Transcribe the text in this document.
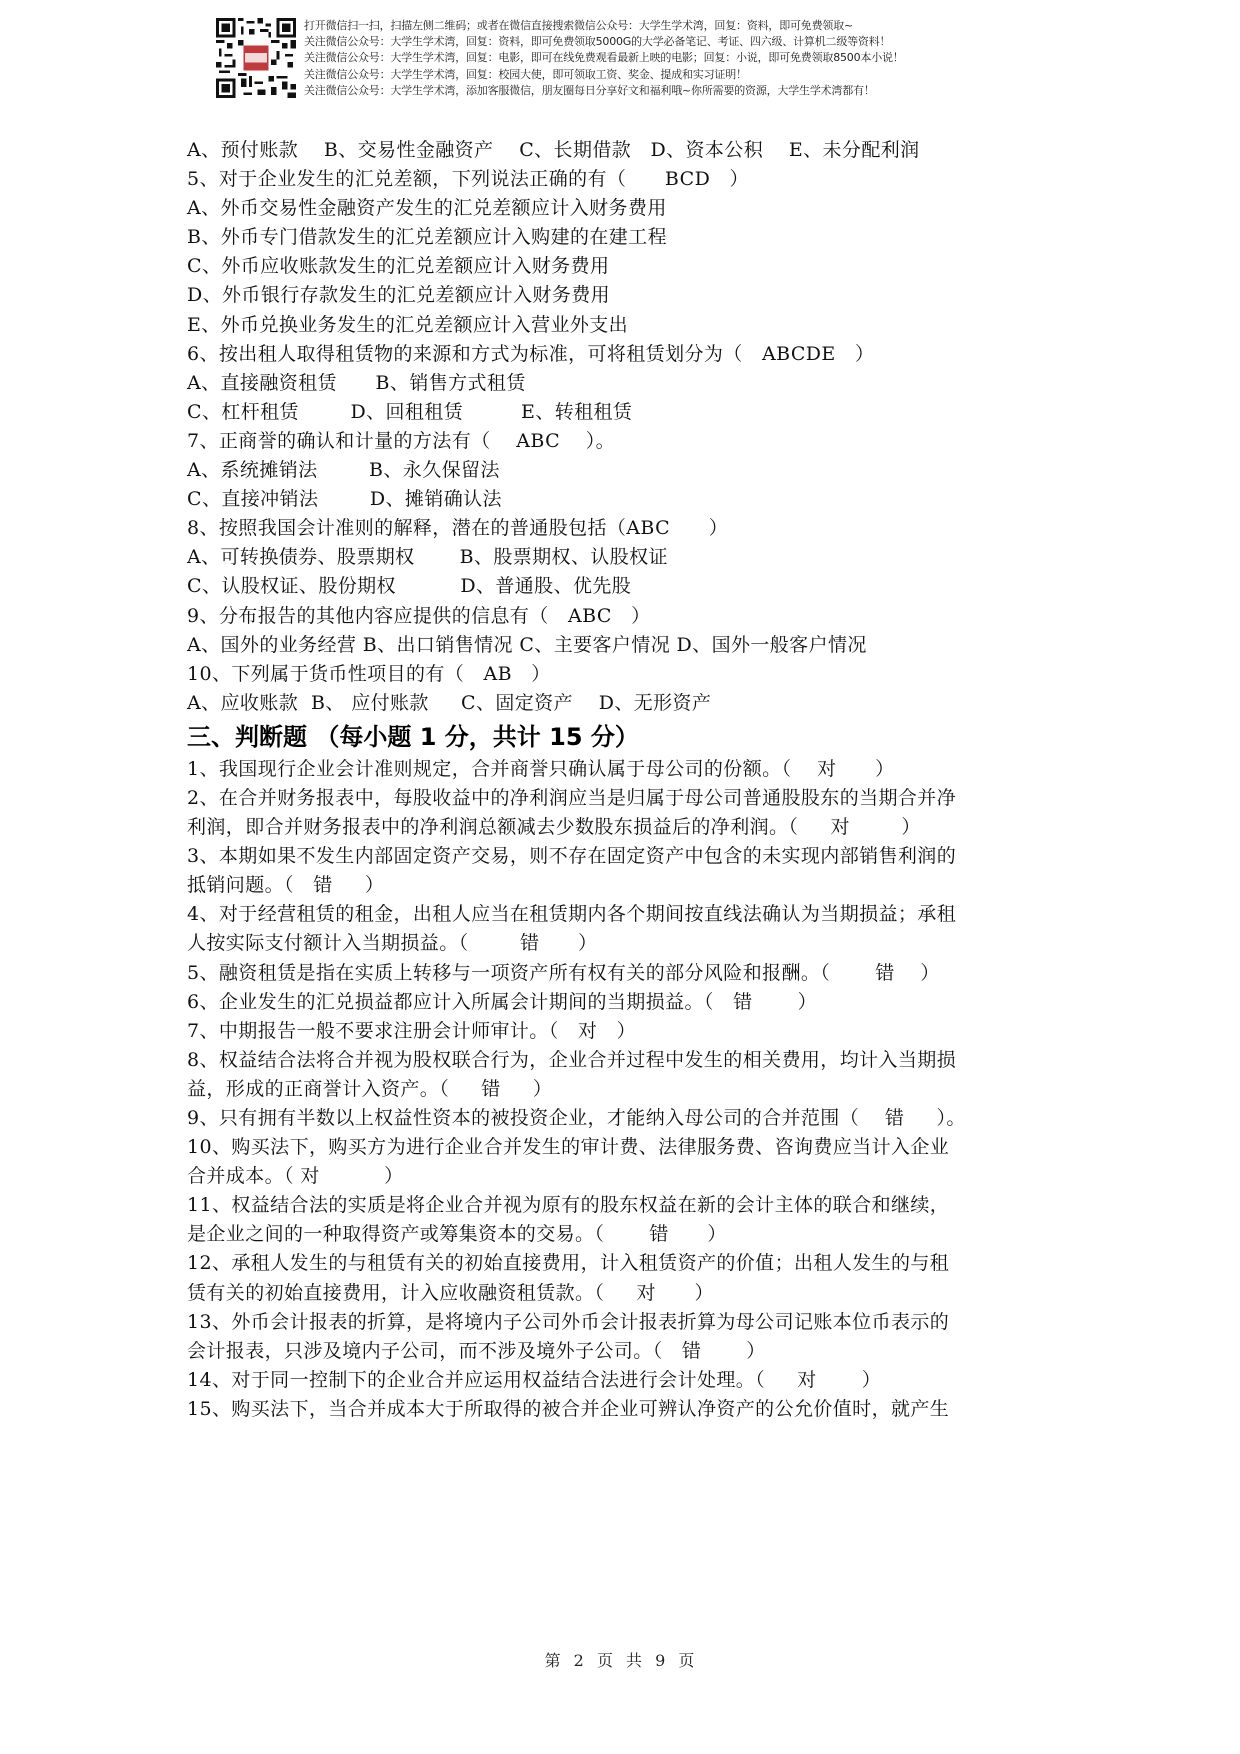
打开微信扫一扫，扫描左侧二维码；或者在微信直接搜索微信公众号：大学生学术湾，回复：资料，即可免费领取~
关注微信公众号：大学生学术湾，回复：资料，即可免费领取5000G的大学必备笔记、考证、四六级、计算机二级等资料！
关注微信公众号：大学生学术湾，回复：电影，即可在线免费观看最新上映的电影；回复：小说，即可免费领取8500本小说！
关注微信公众号：大学生学术湾，回复：校园大使，即可领取工资、奖金、提成和实习证明！
关注微信公众号：大学生学术湾，添加客服微信，朋友圈每日分享好文和福利哦~你所需要的资源，大学生学术湾都有！
A、预付账款    B、交易性金融资产    C、长期借款   D、资本公积    E、未分配利润
5、对于企业发生的汇兑差额，下列说法正确的有（      BCD   ）
A、外币交易性金融资产发生的汇兑差额应计入财务费用
B、外币专门借款发生的汇兑差额应计入购建的在建工程
C、外币应收账款发生的汇兑差额应计入财务费用
D、外币银行存款发生的汇兑差额应计入财务费用
E、外币兑换业务发生的汇兑差额应计入营业外支出
6、按出租人取得租赁物的来源和方式为标准，可将租赁划分为（   ABCDE   ）
A、直接融资租赁      B、销售方式租赁
C、杠杆租赁        D、回租租赁         E、转租租赁
7、正商誉的确认和计量的方法有（    ABC    ）。
A、系统摊销法        B、永久保留法
C、直接冲销法        D、摊销确认法
8、按照我国会计准则的解释，潜在的普通股包括（ABC      ）
A、可转换债券、股票期权       B、股票期权、认股权证
C、认股权证、股份期权          D、普通股、优先股
9、分布报告的其他内容应提供的信息有（   ABC   ）
A、国外的业务经营 B、出口销售情况 C、主要客户情况 D、国外一般客户情况
10、下列属于货币性项目的有（   AB   ）
A、应收账款  B、 应付账款     C、固定资产    D、无形资产
三、判断题 （每小题 1 分，共计 15 分）
1、我国现行企业会计准则规定，合并商誉只确认属于母公司的份额。（    对      ）
2、在合并财务报表中，每股收益中的净利润应当是归属于母公司普通股股东的当期合并净
利润，即合并财务报表中的净利润总额减去少数股东损益后的净利润。（     对        ）
3、本期如果不发生内部固定资产交易，则不存在固定资产中包含的未实现内部销售利润的
抵销问题。（   错     ）
4、对于经营租赁的租金，出租人应当在租赁期内各个期间按直线法确认为当期损益；承租
人按实际支付额计入当期损益。（        错      ）
5、融资租赁是指在实质上转移与一项资产所有权有关的部分风险和报酬。（       错    ）
6、企业发生的汇兑损益都应计入所属会计期间的当期损益。（   错       ）
7、中期报告一般不要求注册会计师审计。（   对   ）
8、权益结合法将合并视为股权联合行为，企业合并过程中发生的相关费用，均计入当期损
益，形成的正商誉计入资产。（     错     ）
9、只有拥有半数以上权益性资本的被投资企业，才能纳入母公司的合并范围（    错     ）。
10、购买法下，购买方为进行企业合并发生的审计费、法律服务费、咨询费应当计入企业
合并成本。（ 对          ）
11、权益结合法的实质是将企业合并视为原有的股东权益在新的会计主体的联合和继续，
是企业之间的一种取得资产或筹集资本的交易。（       错      ）
12、承租人发生的与租赁有关的初始直接费用，计入租赁资产的价值；出租人发生的与租
赁有关的初始直接费用，计入应收融资租赁款。（     对      ）
13、外币会计报表的折算，是将境内子公司外币会计报表折算为母公司记账本位币表示的
会计报表，只涉及境内子公司，而不涉及境外子公司。（   错       ）
14、对于同一控制下的企业合并应运用权益结合法进行会计处理。（     对       ）
15、购买法下，当合并成本大于所取得的被合并企业可辨认净资产的公允价值时，就产生
第 2 页 共 9 页
